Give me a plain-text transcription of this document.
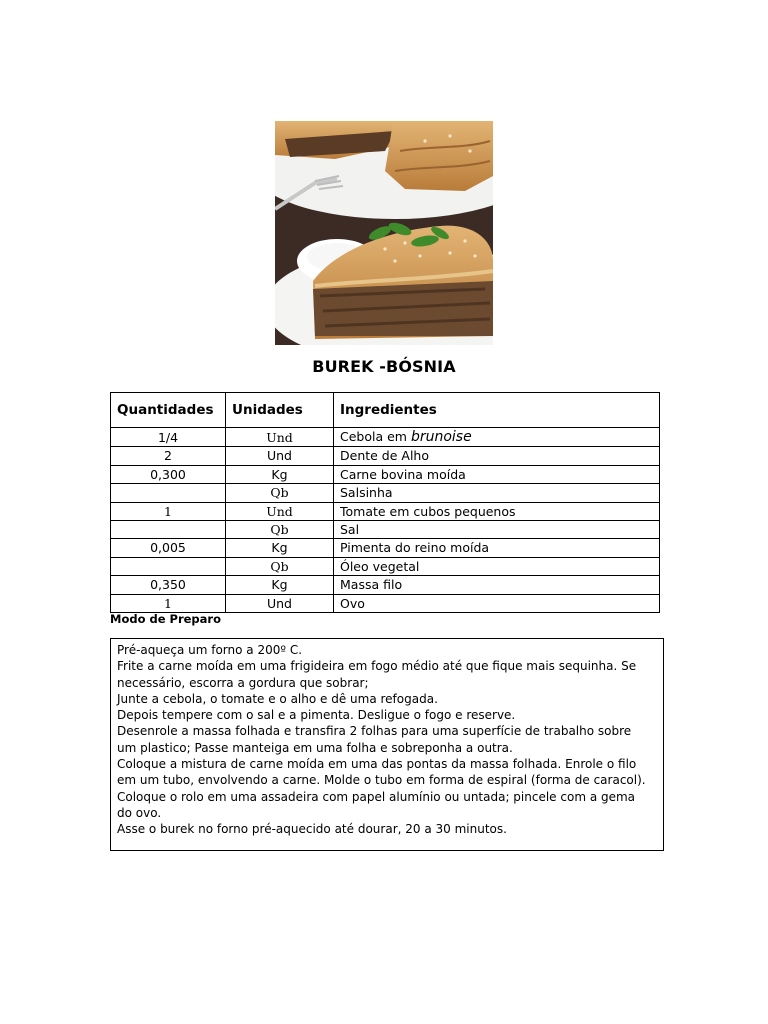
BUREK -BÓSNIA
Quantidades	Unidades	Ingredientes
1/4	Und	Cebola em brunoise
2	Und	Dente de Alho
0,300	Kg	Carne bovina moída
	Qb	Salsinha
1	Und	Tomate em cubos pequenos
	Qb	Sal
0,005	Kg	Pimenta do reino moída
	Qb	Óleo vegetal
0,350	Kg	Massa filo
1	Und	Ovo
Modo de Preparo

Pré-aqueça um forno a 200º C.

Frite a carne moída em uma frigideira em fogo médio até que fique mais sequinha. Se necessário, escorra a gordura que sobrar;

Junte a cebola, o tomate e o alho e dê uma refogada.

Depois tempere com o sal e a pimenta. Desligue o fogo e reserve.

Desenrole a massa folhada e transfira 2 folhas para uma superfície de trabalho sobre um plastico; Passe manteiga em uma folha e sobreponha a outra.

Coloque a mistura de carne moída em uma das pontas da massa folhada. Enrole o filo em um tubo, envolvendo a carne. Molde o tubo em forma de espiral (forma de caracol).

Coloque o rolo em uma assadeira com papel alumínio ou untada; pincele com a gema do ovo.

Asse o burek no forno pré-aquecido até dourar, 20 a 30 minutos.
